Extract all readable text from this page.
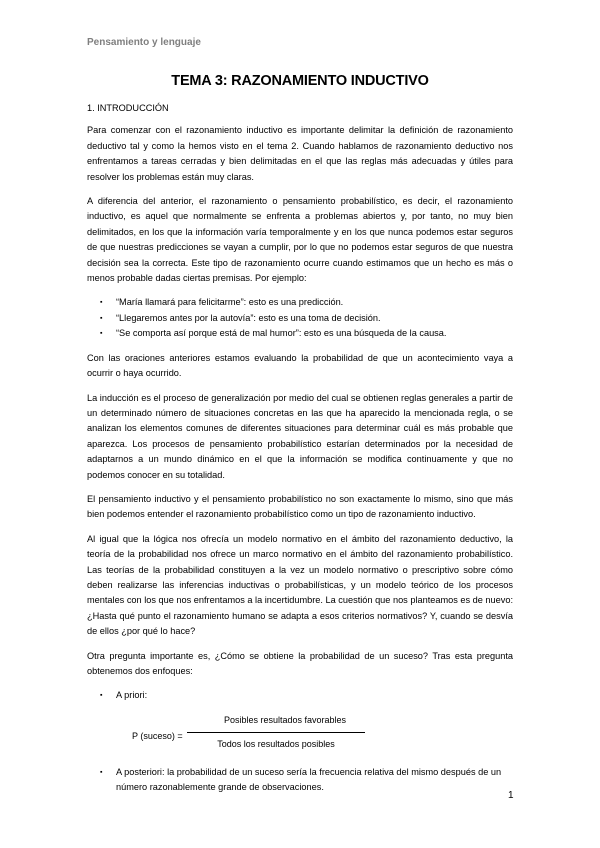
Pensamiento y lenguaje
TEMA 3: RAZONAMIENTO INDUCTIVO
1. INTRODUCCIÓN

Para comenzar con el razonamiento inductivo es importante delimitar la definición de razonamiento deductivo tal y como la hemos visto en el tema 2. Cuando hablamos de razonamiento deductivo nos enfrentamos a tareas cerradas y bien delimitadas en el que las reglas más adecuadas y útiles para resolver los problemas están muy claras.

A diferencia del anterior, el razonamiento o pensamiento probabilístico, es decir, el razonamiento inductivo, es aquel que normalmente se enfrenta a problemas abiertos y, por tanto, no muy bien delimitados, en los que la información varía temporalmente y en los que nunca podemos estar seguros de que nuestras predicciones se vayan a cumplir, por lo que no podemos estar seguros de que nuestra decisión sea la correcta. Este tipo de razonamiento ocurre cuando estimamos que un hecho es más o menos probable dadas ciertas premisas. Por ejemplo:

▪ “María llamará para felicitarme”: esto es una predicción.
▪ “Llegaremos antes por la autovía”: esto es una toma de decisión.
▪ “Se comporta así porque está de mal humor”: esto es una búsqueda de la causa.

Con las oraciones anteriores estamos evaluando la probabilidad de que un acontecimiento vaya a ocurrir o haya ocurrido.

La inducción es el proceso de generalización por medio del cual se obtienen reglas generales a partir de un determinado número de situaciones concretas en las que ha aparecido la mencionada regla, o se analizan los elementos comunes de diferentes situaciones para determinar cuál es más probable que aparezca. Los procesos de pensamiento probabilístico estarían determinados por la necesidad de adaptarnos a un mundo dinámico en el que la información se modifica continuamente y que no podemos conocer en su totalidad.

El pensamiento inductivo y el pensamiento probabilístico no son exactamente lo mismo, sino que más bien podemos entender el razonamiento probabilístico como un tipo de razonamiento inductivo.

Al igual que la lógica nos ofrecía un modelo normativo en el ámbito del razonamiento deductivo, la teoría de la probabilidad nos ofrece un marco normativo en el ámbito del razonamiento probabilístico. Las teorías de la probabilidad constituyen a la vez un modelo normativo o prescriptivo sobre cómo deben realizarse las inferencias inductivas o probabilísticas, y un modelo teórico de los procesos mentales con los que nos enfrentamos a la incertidumbre. La cuestión que nos planteamos es de nuevo: ¿Hasta qué punto el razonamiento humano se adapta a esos criterios normativos? Y, cuando se desvía de ellos ¿por qué lo hace?

Otra pregunta importante es, ¿Cómo se obtiene la probabilidad de un suceso? Tras esta pregunta obtenemos dos enfoques:

▪ A priori:
P (suceso) =
Posibles resultados favorables
Todos los resultados posibles
▪ A posteriori: la probabilidad de un suceso sería la frecuencia relativa del mismo después de un número razonablemente grande de observaciones.
1
